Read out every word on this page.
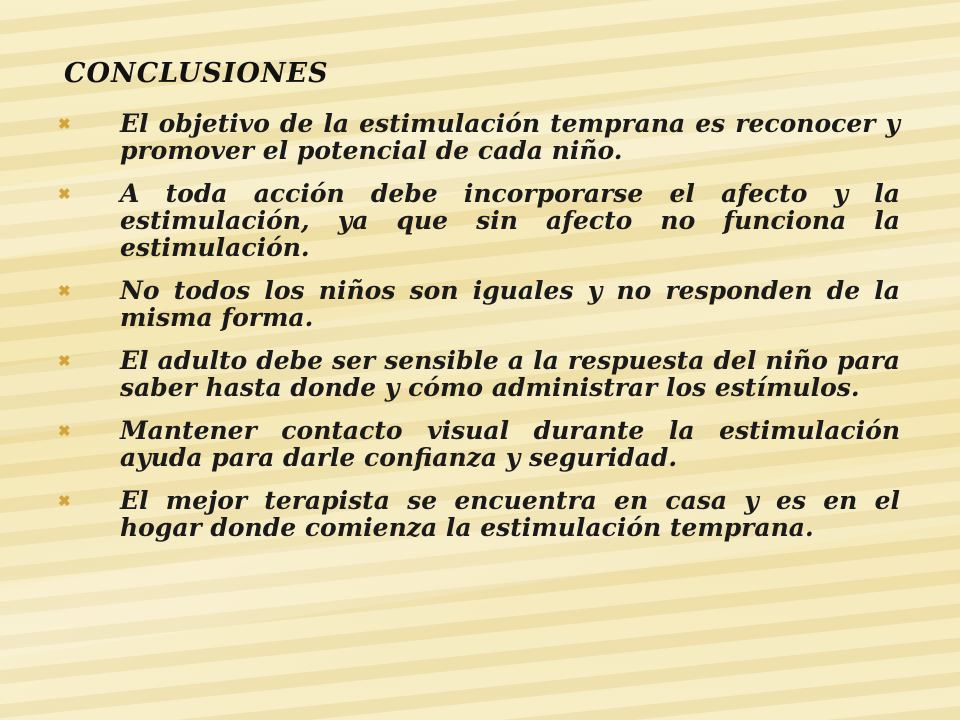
CONCLUSIONES
✖ El objetivo de la estimulación temprana es reconocer y promover el potencial de cada niño.
✖ A toda acción debe incorporarse el afecto y la estimulación, ya que sin afecto no funciona la estimulación.
✖ No todos los niños son iguales y no responden de la misma forma.
✖ El adulto debe ser sensible a la respuesta del niño para saber hasta donde y cómo administrar los estímulos.
✖ Mantener contacto visual durante la estimulación ayuda para darle confianza y seguridad.
✖ El mejor terapista se encuentra en casa y es en el hogar donde comienza la estimulación temprana.
